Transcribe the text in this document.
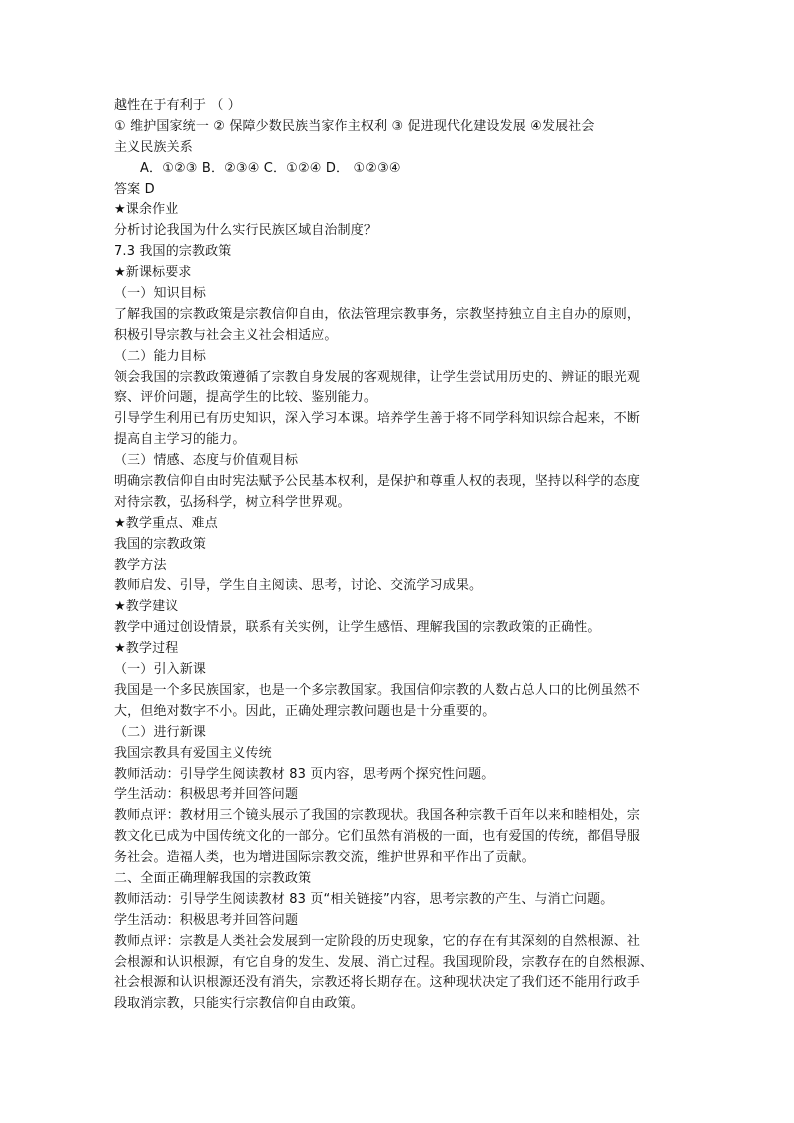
越性在于有利于 （ ）
① 维护国家统一 ② 保障少数民族当家作主权利 ③ 促进现代化建设发展 ④发展社会
主义民族关系
A．①②③ B．②③④ C．①②④ D． ①②③④
答案 D
★课余作业
分析讨论我国为什么实行民族区域自治制度？
7.3 我国的宗教政策
★新课标要求
（一）知识目标
了解我国的宗教政策是宗教信仰自由，依法管理宗教事务，宗教坚持独立自主自办的原则，
积极引导宗教与社会主义社会相适应。
（二）能力目标
领会我国的宗教政策遵循了宗教自身发展的客观规律，让学生尝试用历史的、辨证的眼光观
察、评价问题，提高学生的比较、鉴别能力。
引导学生利用已有历史知识，深入学习本课。培养学生善于将不同学科知识综合起来，不断
提高自主学习的能力。
（三）情感、态度与价值观目标
明确宗教信仰自由时宪法赋予公民基本权利，是保护和尊重人权的表现，坚持以科学的态度
对待宗教，弘扬科学，树立科学世界观。
★教学重点、难点
我国的宗教政策
教学方法
教师启发、引导，学生自主阅读、思考，讨论、交流学习成果。
★教学建议
教学中通过创设情景，联系有关实例，让学生感悟、理解我国的宗教政策的正确性。
★教学过程
（一）引入新课
我国是一个多民族国家，也是一个多宗教国家。我国信仰宗教的人数占总人口的比例虽然不
大，但绝对数字不小。因此，正确处理宗教问题也是十分重要的。
（二）进行新课
我国宗教具有爱国主义传统
教师活动：引导学生阅读教材 83 页内容，思考两个探究性问题。
学生活动：积极思考并回答问题
教师点评：教材用三个镜头展示了我国的宗教现状。我国各种宗教千百年以来和睦相处，宗
教文化已成为中国传统文化的一部分。它们虽然有消极的一面，也有爱国的传统，都倡导服
务社会。造福人类，也为增进国际宗教交流，维护世界和平作出了贡献。
二、全面正确理解我国的宗教政策
教师活动：引导学生阅读教材 83 页“相关链接”内容，思考宗教的产生、与消亡问题。
学生活动：积极思考并回答问题
教师点评：宗教是人类社会发展到一定阶段的历史现象，它的存在有其深刻的自然根源、社
会根源和认识根源，有它自身的发生、发展、消亡过程。我国现阶段，宗教存在的自然根源、
社会根源和认识根源还没有消失，宗教还将长期存在。这种现状决定了我们还不能用行政手
段取消宗教，只能实行宗教信仰自由政策。
